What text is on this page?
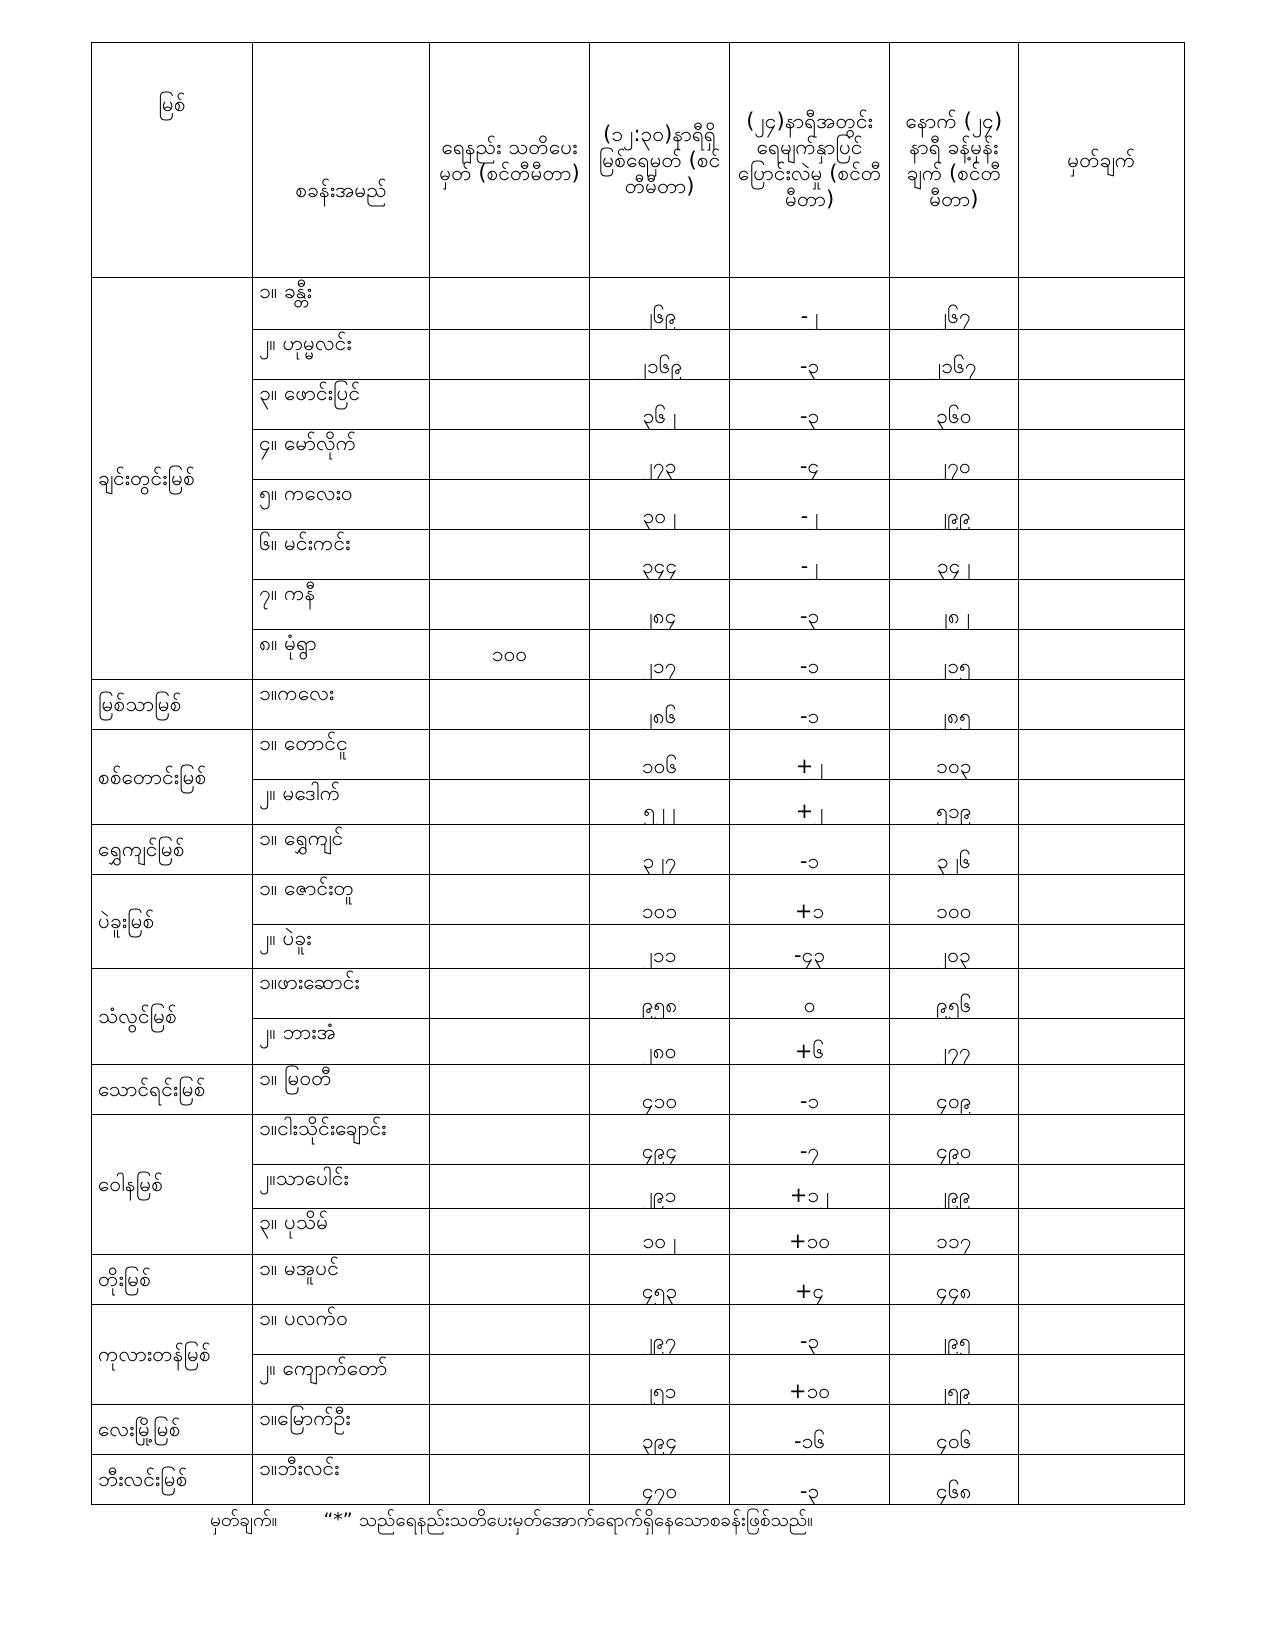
မြစ်	စခန်းအမည်	ရေနည်း သတိပေးမှတ် (စင်တီမီတာ)	(၁၂:၃၀)နာရီရှိ မြစ်ရေမှတ် (စင်တီမီတာ)	(၂၄)နာရီအတွင်း ရေမျက်နှာပြင် ပြောင်းလဲမှု (စင်တီမီတာ)	နောက် (၂၄) နာရီ ခန့်မှန်းချက် (စင်တီမီတာ)	မှတ်ချက်
ချင်းတွင်းမြစ်	၁။ ခန္တီး		၂၆၉	-၂	၂၆၇	
	၂။ ဟုမ္မလင်း		၂၁၆၉	-၃	၂၁၆၇	
	၃။ ဖောင်းပြင်		၃၆၂	-၃	၃၆၀	
	၄။ မော်လိုက်		၂၇၃	-၄	၂၇၀	
	၅။ ကလေးဝ		၃၀၂	-၂	၂၉၉	
	၆။ မင်းကင်း		၃၄၄	-၂	၃၄၂	
	၇။ ကနီ		၂၈၄	-၃	၂၈၂	
	၈။ မုံရွာ	၁၀၀	၂၁၇	-၁	၂၁၅	
မြစ်သာမြစ်	၁။ကလေး		၂၈၆	-၁	၂၈၅	
စစ်တောင်းမြစ်	၁။ တောင်ငူ		၁၀၆	+၂	၁၀၃	
	၂။ မဒေါက်		၅၂၂	+၂	၅၁၉	
ရွှေကျင်မြစ်	၁။ ရွှေကျင်		၃၂၇	-၁	၃၂၆	
ပဲခူးမြစ်	၁။ ဇောင်းတူ		၁၀၁	+၁	၁၀၀	
	၂။ ပဲခူး		၂၁၁	-၄၃	၂၀၃	
သံလွင်မြစ်	၁။ဖားဆောင်း		၉၅၈	၀	၉၅၆	
	၂။ ဘားအံ		၂၈၀	+၆	၂၇၇	
သောင်ရင်းမြစ်	၁။ မြဝတီ		၄၁၀	-၁	၄၀၉	
ဝေါနမြစ်	၁။ငါးသိုင်းချောင်း		၄၉၄	-၇	၄၉၀	
	၂။သာပေါင်း		၂၉၁	+၁၂	၂၉၉	
	၃။ ပုသိမ်		၁၀၂	+၁၀	၁၁၇	
တိုးမြစ်	၁။ မအူပင်		၄၅၃	+၄	၄၄၈	
ကုလားတန်မြစ်	၁။ ပလက်ဝ		၂၉၇	-၃	၂၉၅	
	၂။ ကျောက်တော်		၂၅၁	+၁၀	၂၅၉	
လေးမြို့မြစ်	၁။မြောက်ဦး		၃၉၄	-၁၆	၄၀၆	
ဘီးလင်းမြစ်	၁။ဘီးလင်း		၄၇၀	-၃	၄၆၈	
မှတ်ချက်။ “*” သည်ရေနည်းသတိပေးမှတ်အောက်ရောက်ရှိနေသောစခန်းဖြစ်သည်။
